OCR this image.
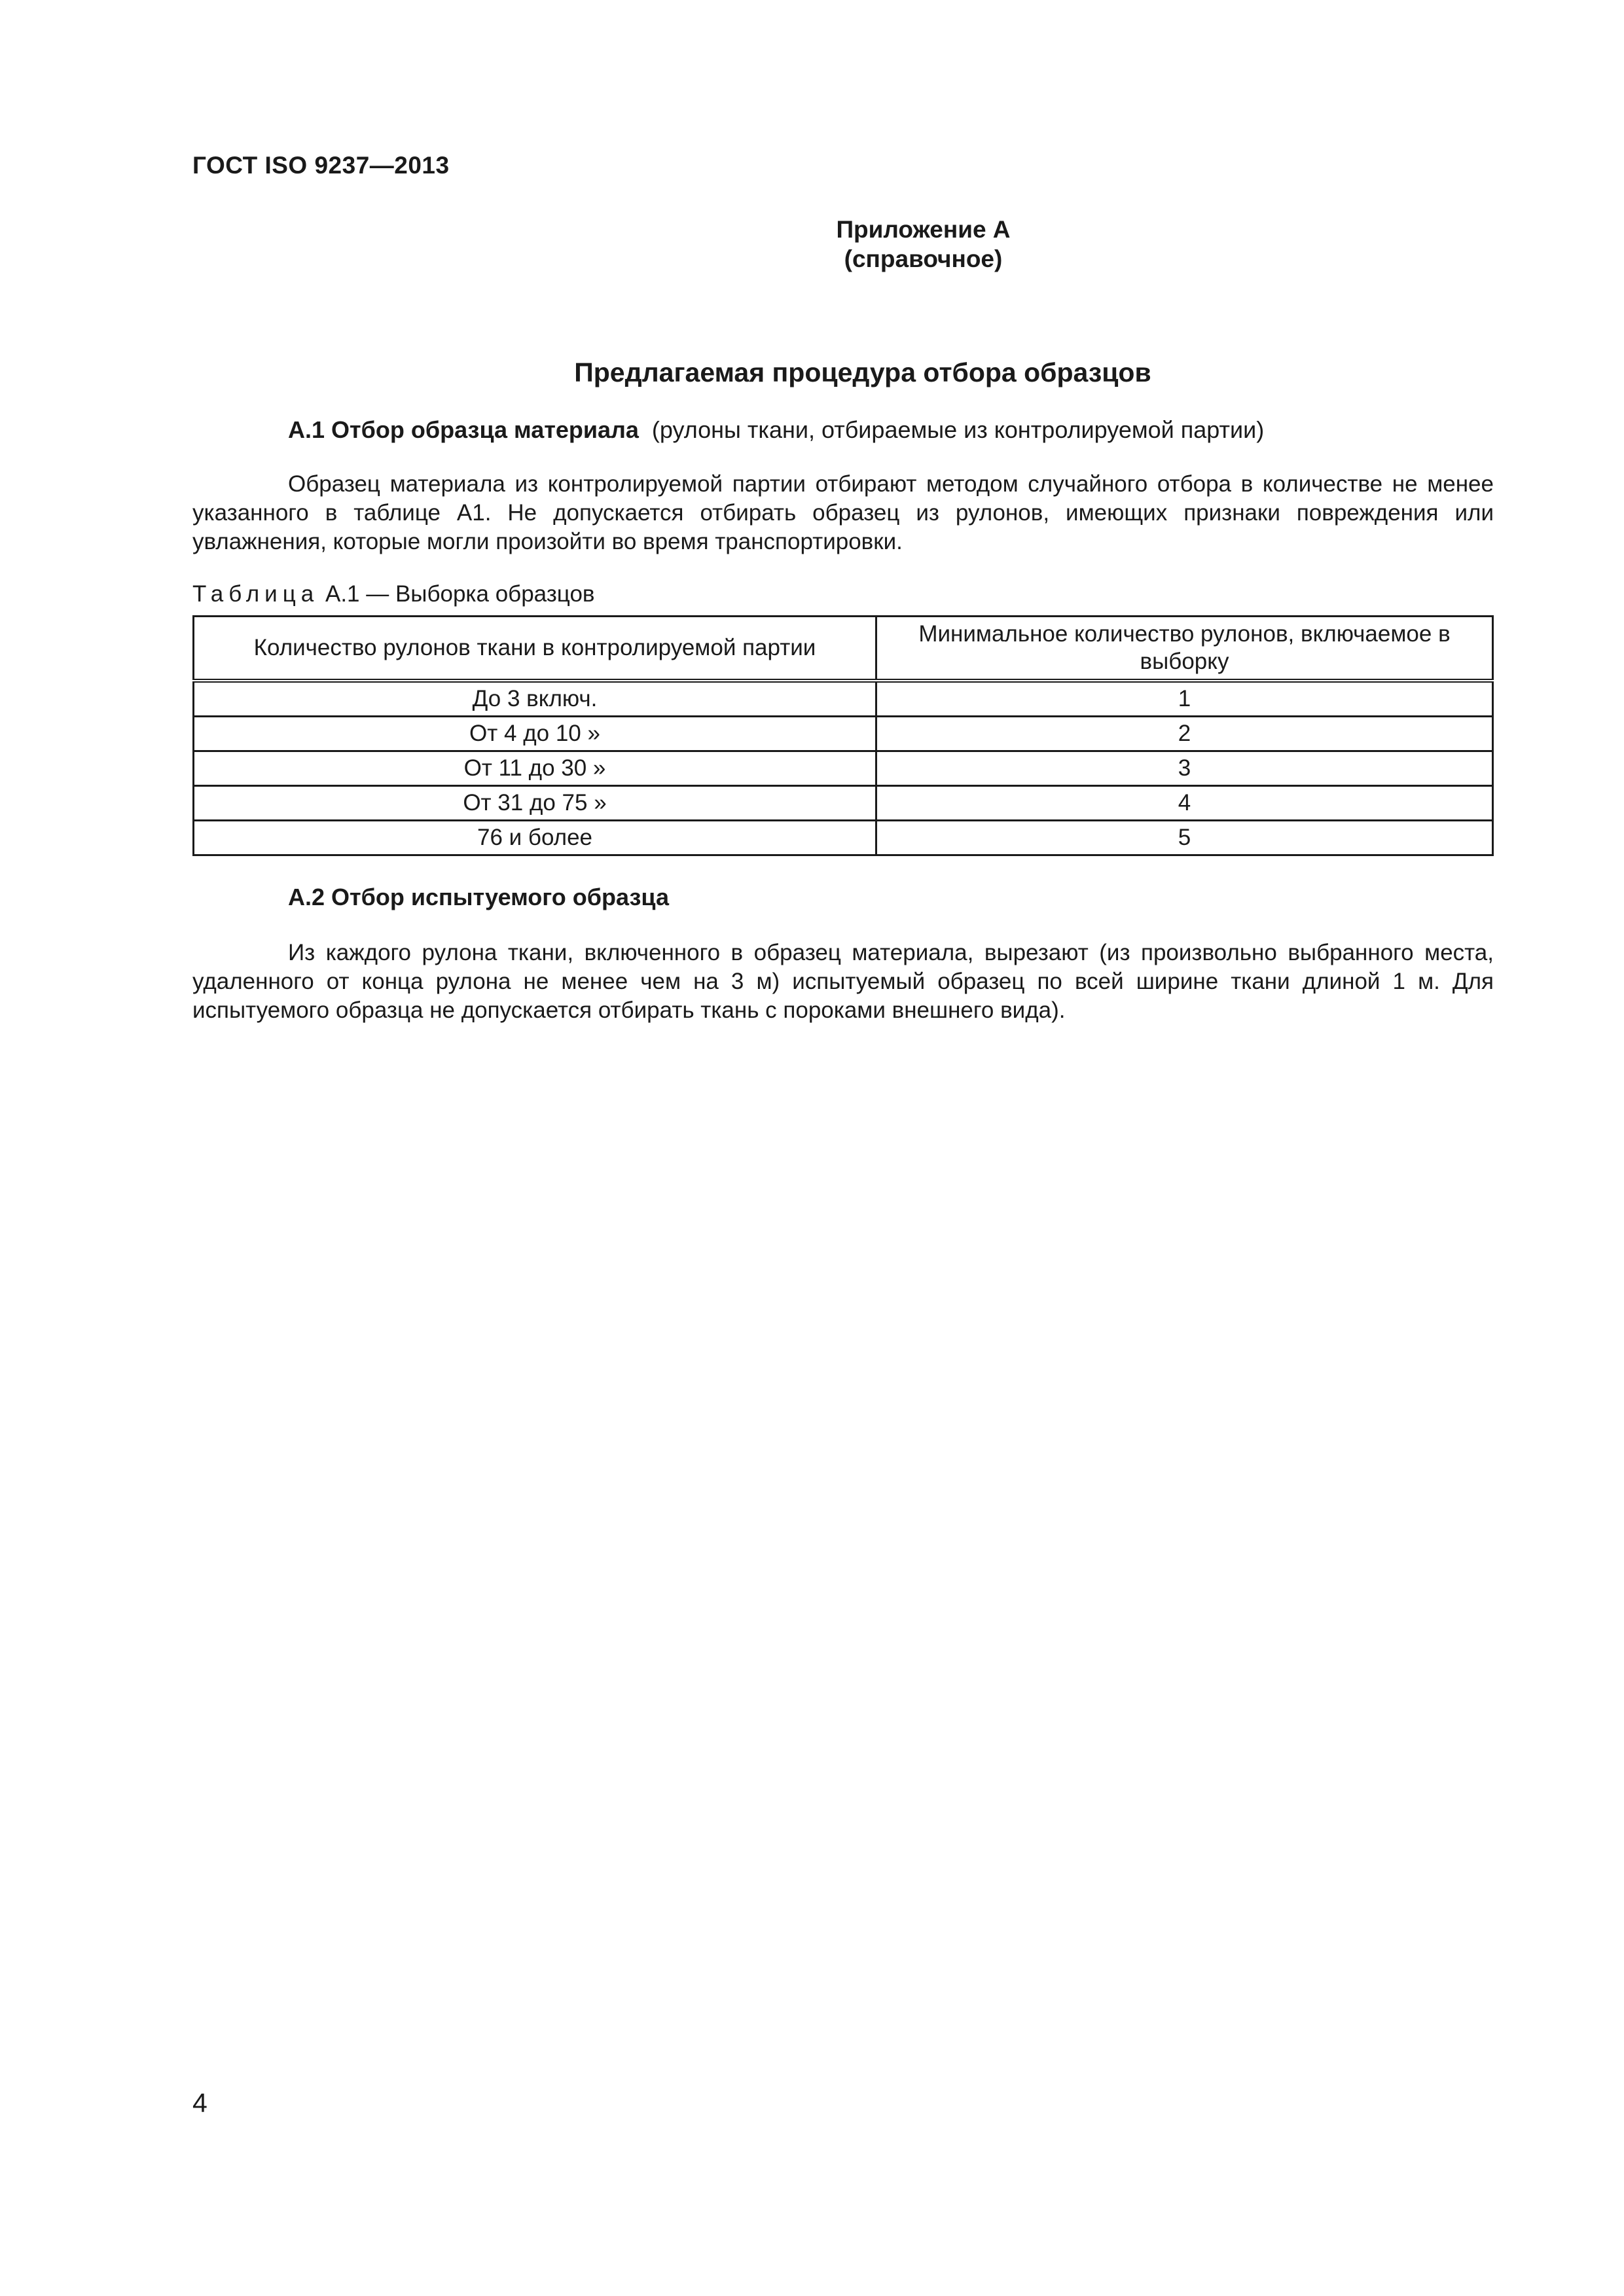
ГОСТ ISO 9237—2013
Приложение А
(справочное)
Предлагаемая процедура отбора образцов
А.1 Отбор образца материала (рулоны ткани, отбираемые из контролируемой партии)
Образец материала из контролируемой партии отбирают методом случайного отбора в количестве не менее указанного в таблице А1. Не допускается отбирать образец из рулонов, имеющих признаки повреждения или увлажнения, которые могли произойти во время транспортировки.
Таблица А.1 — Выборка образцов
Количество рулонов ткани в контролируемой партии	Минимальное количество рулонов, включаемое в выборку
До 3 включ.	1
От 4 до 10 »	2
От 11 до 30 »	3
От 31 до 75 »	4
76 и более	5
А.2 Отбор испытуемого образца
Из каждого рулона ткани, включенного в образец материала, вырезают (из произвольно выбранного места, удаленного от конца рулона не менее чем на 3 м) испытуемый образец по всей ширине ткани длиной 1 м. Для испытуемого образца не допускается отбирать ткань с пороками внешнего вида).
4
